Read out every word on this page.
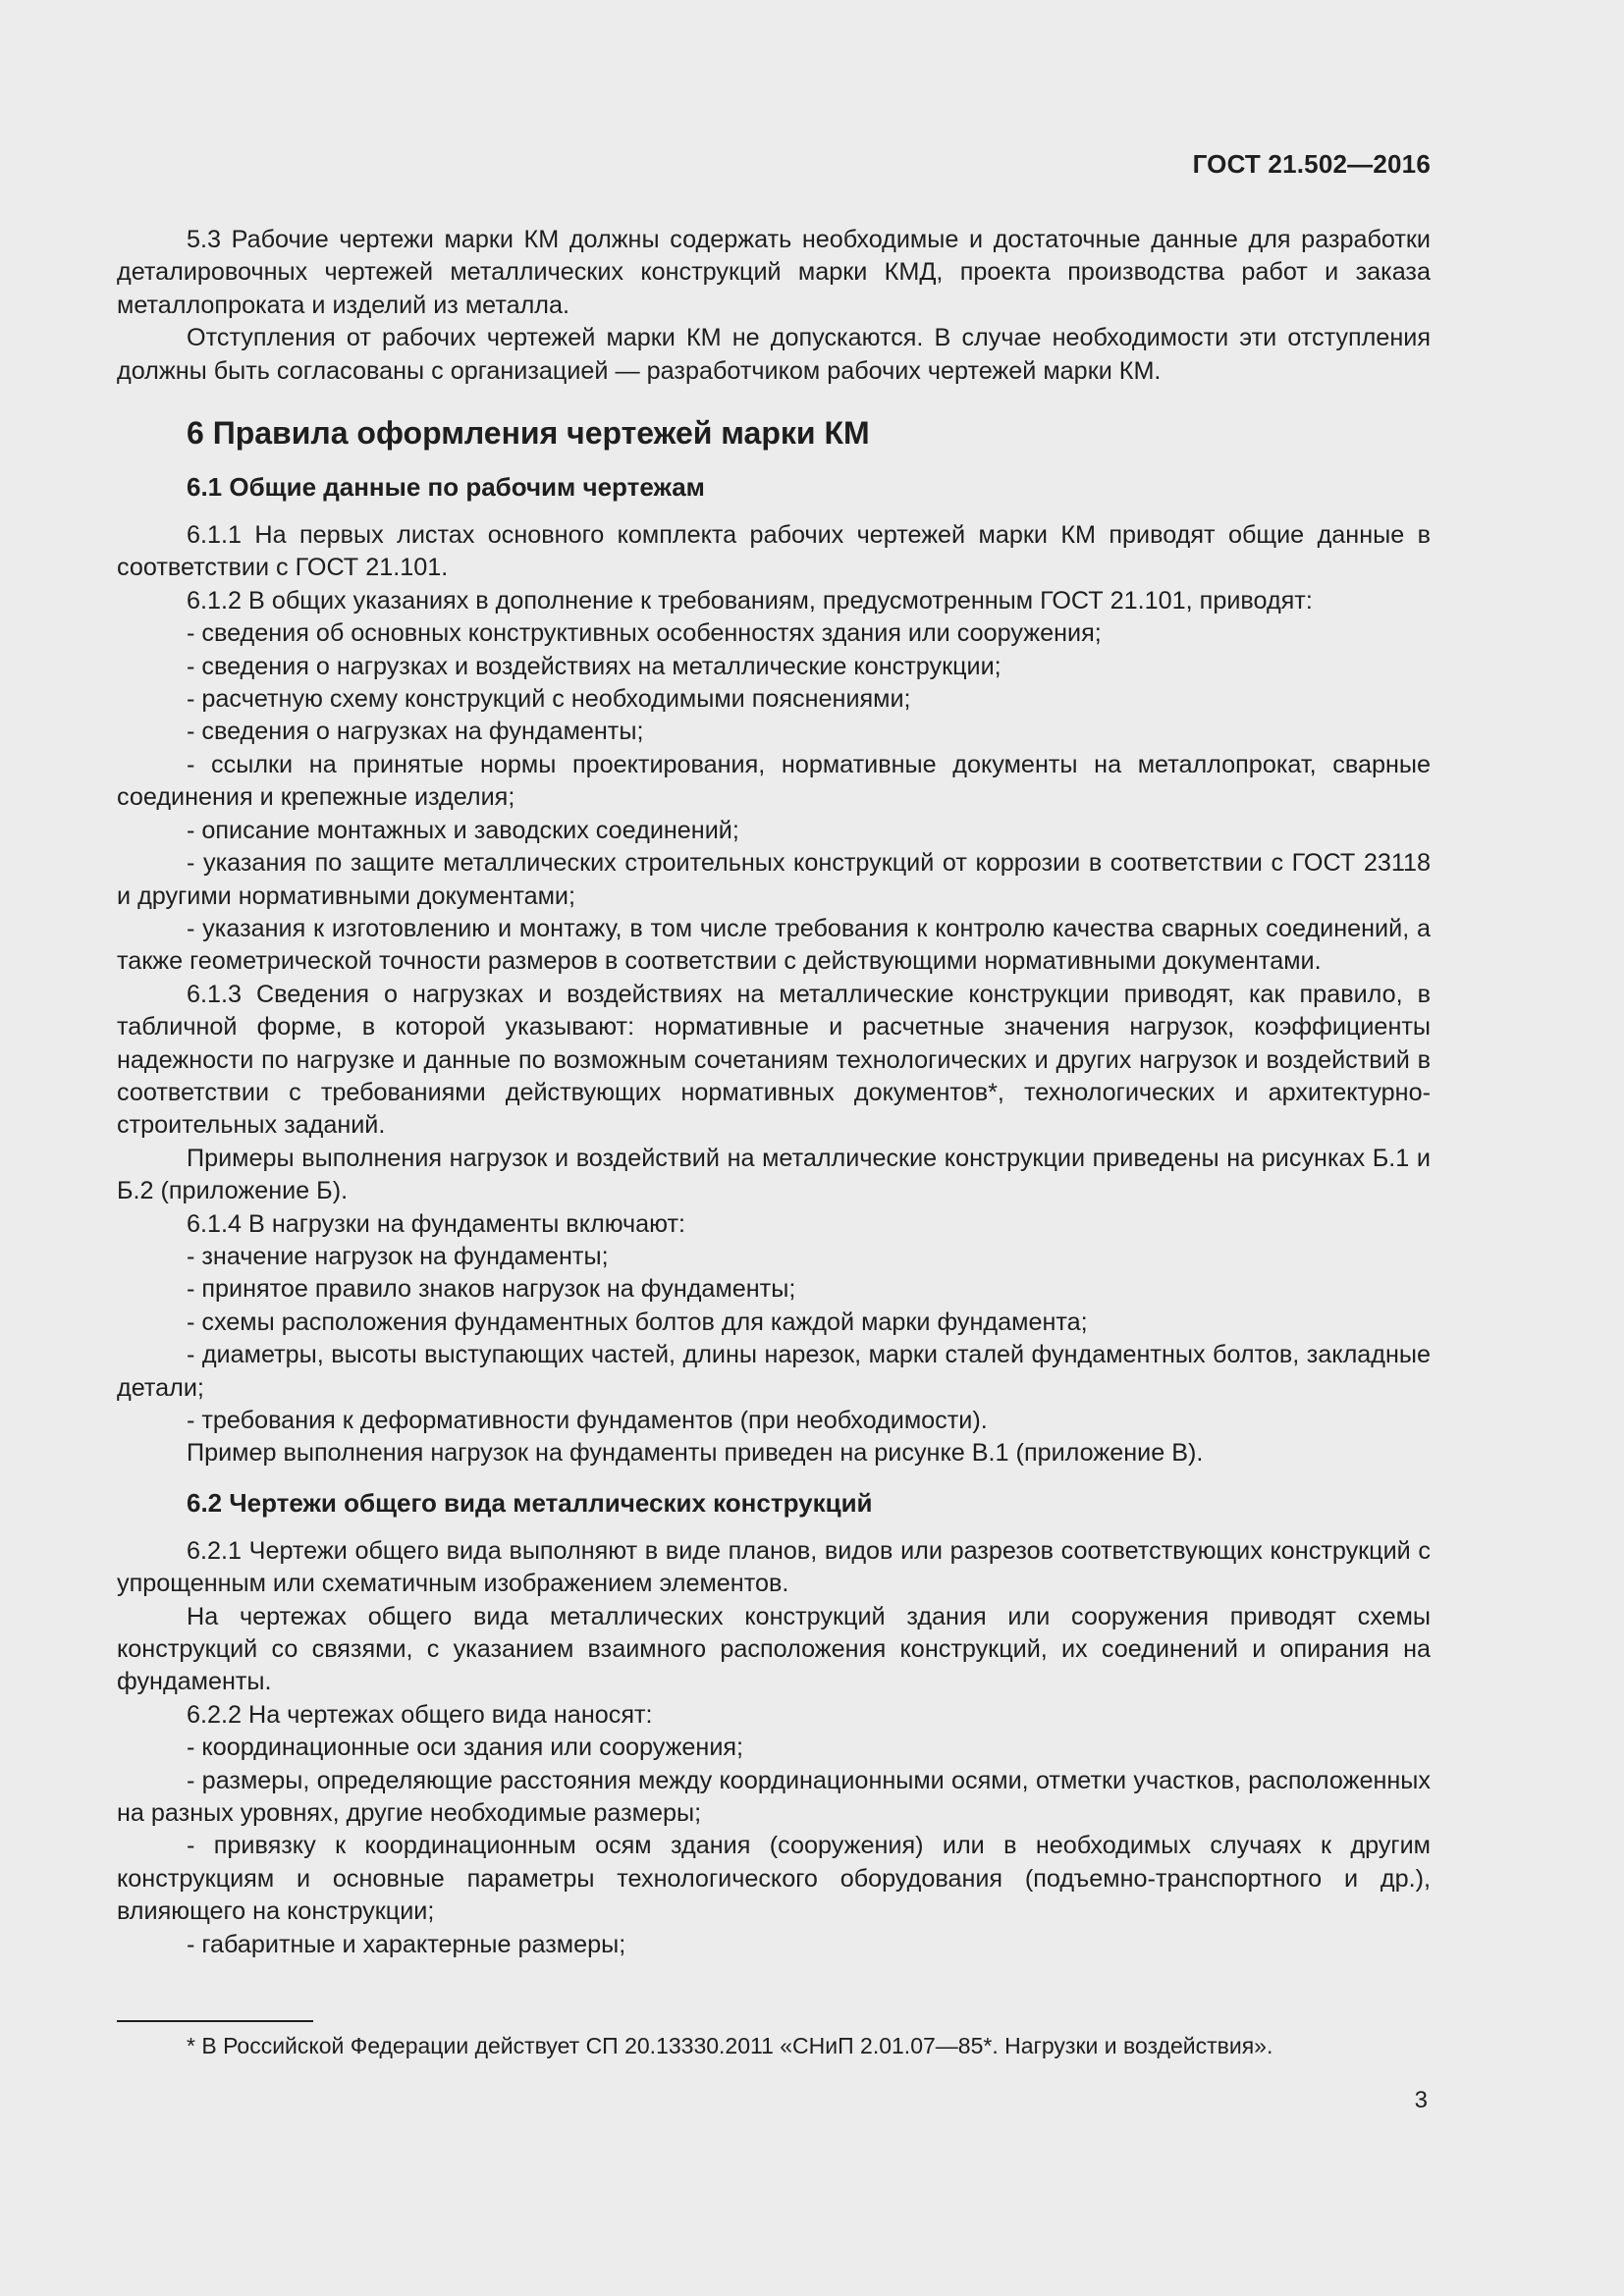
ГОСТ 21.502—2016

5.3 Рабочие чертежи марки КМ должны содержать необходимые и достаточные данные для разработки деталировочных чертежей металлических конструкций марки КМД, проекта производства работ и заказа металлопроката и изделий из металла.

Отступления от рабочих чертежей марки КМ не допускаются. В случае необходимости эти отступления должны быть согласованы с организацией — разработчиком рабочих чертежей марки КМ.

6 Правила оформления чертежей марки КМ
6.1 Общие данные по рабочим чертежам

6.1.1 На первых листах основного комплекта рабочих чертежей марки КМ приводят общие данные в соответствии с ГОСТ 21.101.

6.1.2 В общих указаниях в дополнение к требованиям, предусмотренным ГОСТ 21.101, приводят:

- сведения об основных конструктивных особенностях здания или сооружения;

- сведения о нагрузках и воздействиях на металлические конструкции;

- расчетную схему конструкций с необходимыми пояснениями;

- сведения о нагрузках на фундаменты;

- ссылки на принятые нормы проектирования, нормативные документы на металлопрокат, сварные соединения и крепежные изделия;

- описание монтажных и заводских соединений;

- указания по защите металлических строительных конструкций от коррозии в соответствии с ГОСТ 23118 и другими нормативными документами;

- указания к изготовлению и монтажу, в том числе требования к контролю качества сварных соединений, а также геометрической точности размеров в соответствии с действующими нормативными документами.

6.1.3 Сведения о нагрузках и воздействиях на металлические конструкции приводят, как правило, в табличной форме, в которой указывают: нормативные и расчетные значения нагрузок, коэффициенты надежности по нагрузке и данные по возможным сочетаниям технологических и других нагрузок и воздействий в соответствии с требованиями действующих нормативных документов*, технологических и архитектурно-строительных заданий.

Примеры выполнения нагрузок и воздействий на металлические конструкции приведены на рисунках Б.1 и Б.2 (приложение Б).

6.1.4 В нагрузки на фундаменты включают:

- значение нагрузок на фундаменты;

- принятое правило знаков нагрузок на фундаменты;

- схемы расположения фундаментных болтов для каждой марки фундамента;

- диаметры, высоты выступающих частей, длины нарезок, марки сталей фундаментных болтов, закладные детали;

- требования к деформативности фундаментов (при необходимости).

Пример выполнения нагрузок на фундаменты приведен на рисунке В.1 (приложение В).

6.2 Чертежи общего вида металлических конструкций

6.2.1 Чертежи общего вида выполняют в виде планов, видов или разрезов соответствующих конструкций с упрощенным или схематичным изображением элементов.

На чертежах общего вида металлических конструкций здания или сооружения приводят схемы конструкций со связями, с указанием взаимного расположения конструкций, их соединений и опирания на фундаменты.

6.2.2 На чертежах общего вида наносят:

- координационные оси здания или сооружения;

- размеры, определяющие расстояния между координационными осями, отметки участков, расположенных на разных уровнях, другие необходимые размеры;

- привязку к координационным осям здания (сооружения) или в необходимых случаях к другим конструкциям и основные параметры технологического оборудования (подъемно-транспортного и др.), влияющего на конструкции;

- габаритные и характерные размеры;

* В Российской Федерации действует СП 20.13330.2011 «СНиП 2.01.07—85*. Нагрузки и воздействия».
3
